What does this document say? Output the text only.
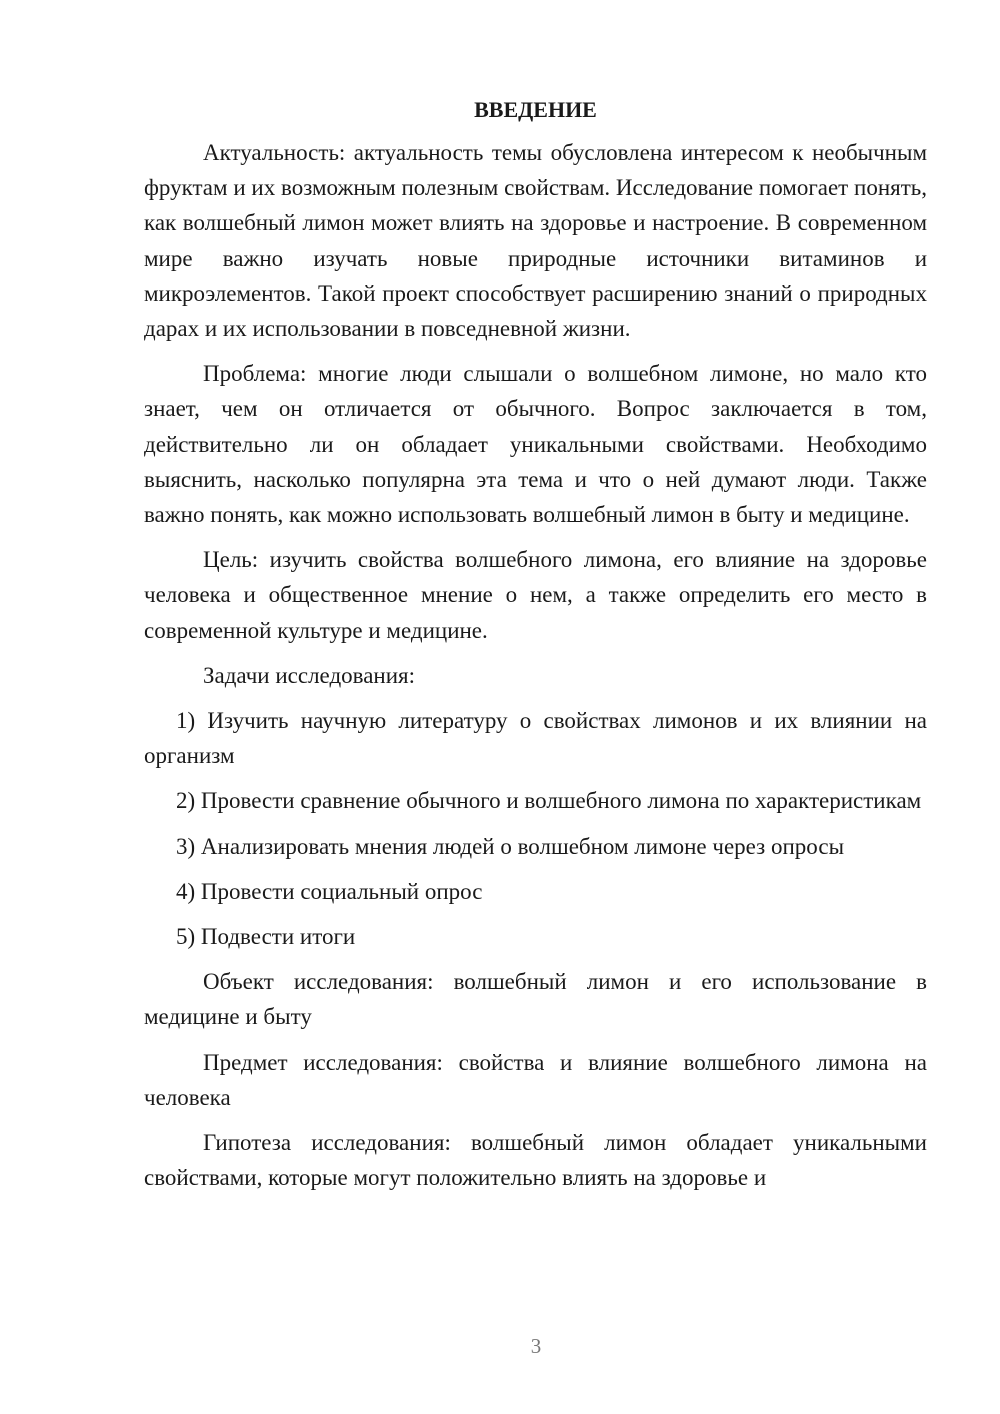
ВВЕДЕНИЕ

Актуальность: актуальность темы обусловлена интересом к необычным фруктам и их возможным полезным свойствам. Исследование помогает понять, как волшебный лимон может влиять на здоровье и настроение. В современном мире важно изучать новые природные источники витаминов и микроэлементов. Такой проект способствует расширению знаний о природных дарах и их использовании в повседневной жизни.

Проблема: многие люди слышали о волшебном лимоне, но мало кто знает, чем он отличается от обычного. Вопрос заключается в том, действительно ли он обладает уникальными свойствами. Необходимо выяснить, насколько популярна эта тема и что о ней думают люди. Также важно понять, как можно использовать волшебный лимон в быту и медицине.

Цель: изучить свойства волшебного лимона, его влияние на здоровье человека и общественное мнение о нем, а также определить его место в современной культуре и медицине.

Задачи исследования:

1) Изучить научную литературу о свойствах лимонов и их влиянии на организм

2) Провести сравнение обычного и волшебного лимона по характеристикам

3) Анализировать мнения людей о волшебном лимоне через опросы

4) Провести социальный опрос

5) Подвести итоги

Объект исследования: волшебный лимон и его использование в медицине и быту

Предмет исследования: свойства и влияние волшебного лимона на человека

Гипотеза исследования: волшебный лимон обладает уникальными свойствами, которые могут положительно влиять на здоровье и

3
